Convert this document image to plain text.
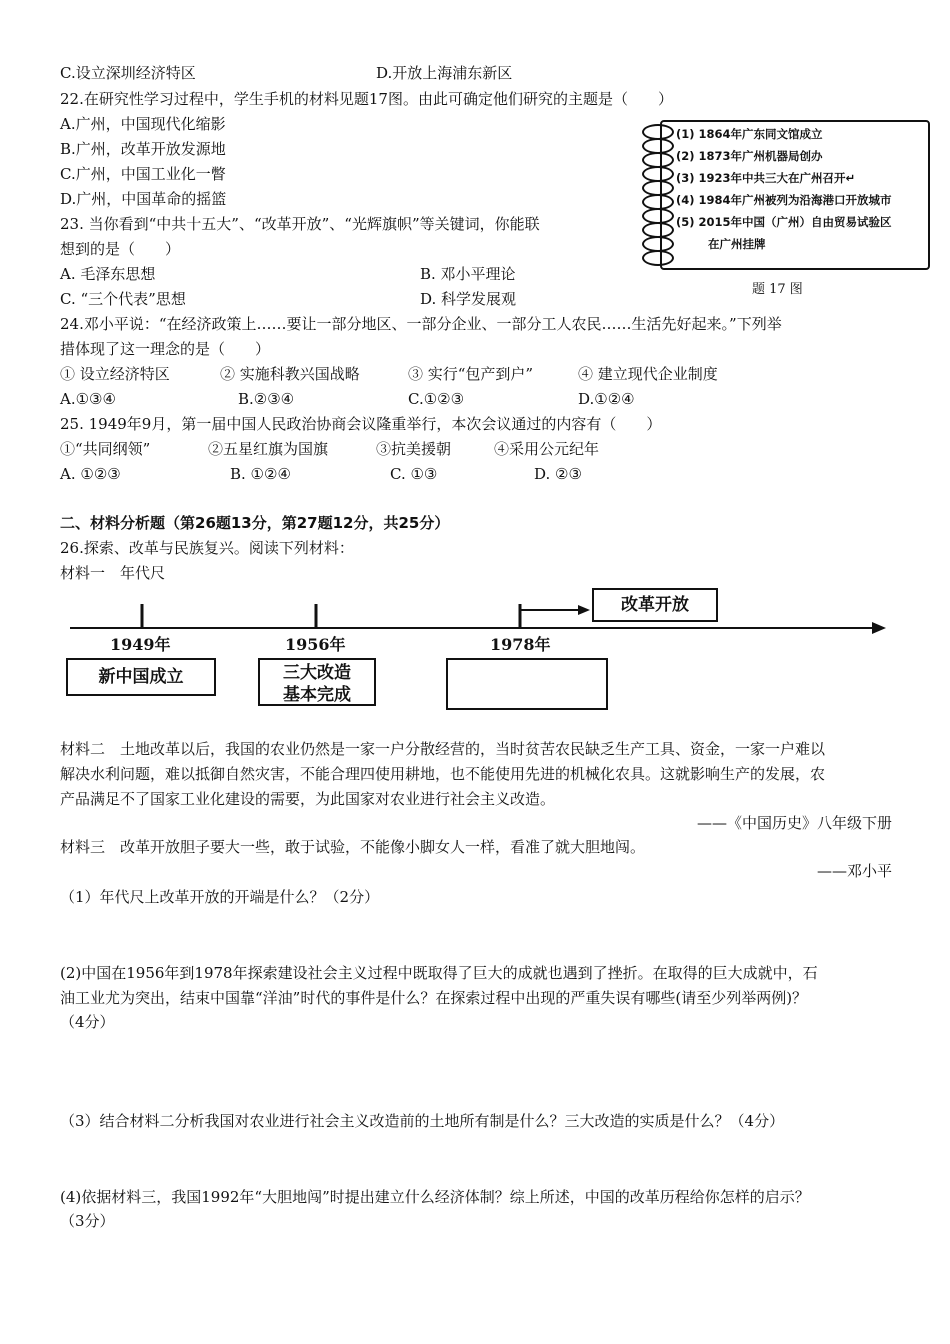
C.设立深圳经济特区	D.开放上海浦东新区
22.在研究性学习过程中，学生手机的材料见题17图。由此可确定他们研究的主题是（　　）
A.广州，中国现代化缩影
B.广州，改革开放发源地
C.广州，中国工业化一瞥
D.广州，中国革命的摇篮
(1) 1864年广东同文馆成立
(2) 1873年广州机器局创办
(3) 1923年中共三大在广州召开↵
(4) 1984年广州被列为沿海港口开放城市
(5) 2015年中国（广州）自由贸易试验区
在广州挂牌
题 17 图
23. 当你看到“中共十五大”、“改革开放”、“光辉旗帜”等关键词，你能联
想到的是（　　）
A. 毛泽东思想	B. 邓小平理论
C. “三个代表”思想	D. 科学发展观
24.邓小平说：“在经济政策上……要让一部分地区、一部分企业、一部分工人农民……生活先好起来。”下列举
措体现了这一理念的是（　　）
① 设立经济特区	② 实施科教兴国战略	③ 实行“包产到户”	④ 建立现代企业制度
A.①③④	B.②③④	C.①②③	D.①②④
25. 1949年9月，第一届中国人民政治协商会议隆重举行，本次会议通过的内容有（　　）
①“共同纲领”	②五星红旗为国旗	③抗美援朝	④采用公元纪年
A. ①②③	B. ①②④	C. ①③	D. ②③
二、材料分析题（第26题13分，第27题12分，共25分）
26.探索、改革与民族复兴。阅读下列材料：
材料一　年代尺
改革开放
1949年	1956年	1978年
新中国成立	三大改造
基本完成
材料二　土地改革以后，我国的农业仍然是一家一户分散经营的，当时贫苦农民缺乏生产工具、资金，一家一户难以
解决水利问题，难以抵御自然灾害，不能合理四使用耕地，也不能使用先进的机械化农具。这就影响生产的发展，农
产品满足不了国家工业化建设的需要，为此国家对农业进行社会主义改造。
——《中国历史》八年级下册
材料三　改革开放胆子要大一些，敢于试验，不能像小脚女人一样，看准了就大胆地闯。
——邓小平
（1）年代尺上改革开放的开端是什么？（2分）
(2)中国在1956年到1978年探索建设社会主义过程中既取得了巨大的成就也遇到了挫折。在取得的巨大成就中，石
油工业尤为突出，结束中国靠“洋油”时代的事件是什么？在探索过程中出现的严重失误有哪些(请至少列举两例)？
（4分）
（3）结合材料二分析我国对农业进行社会主义改造前的土地所有制是什么？三大改造的实质是什么？（4分）
(4)依据材料三，我国1992年“大胆地闯”时提出建立什么经济体制？综上所述，中国的改革历程给你怎样的启示？
（3分）
